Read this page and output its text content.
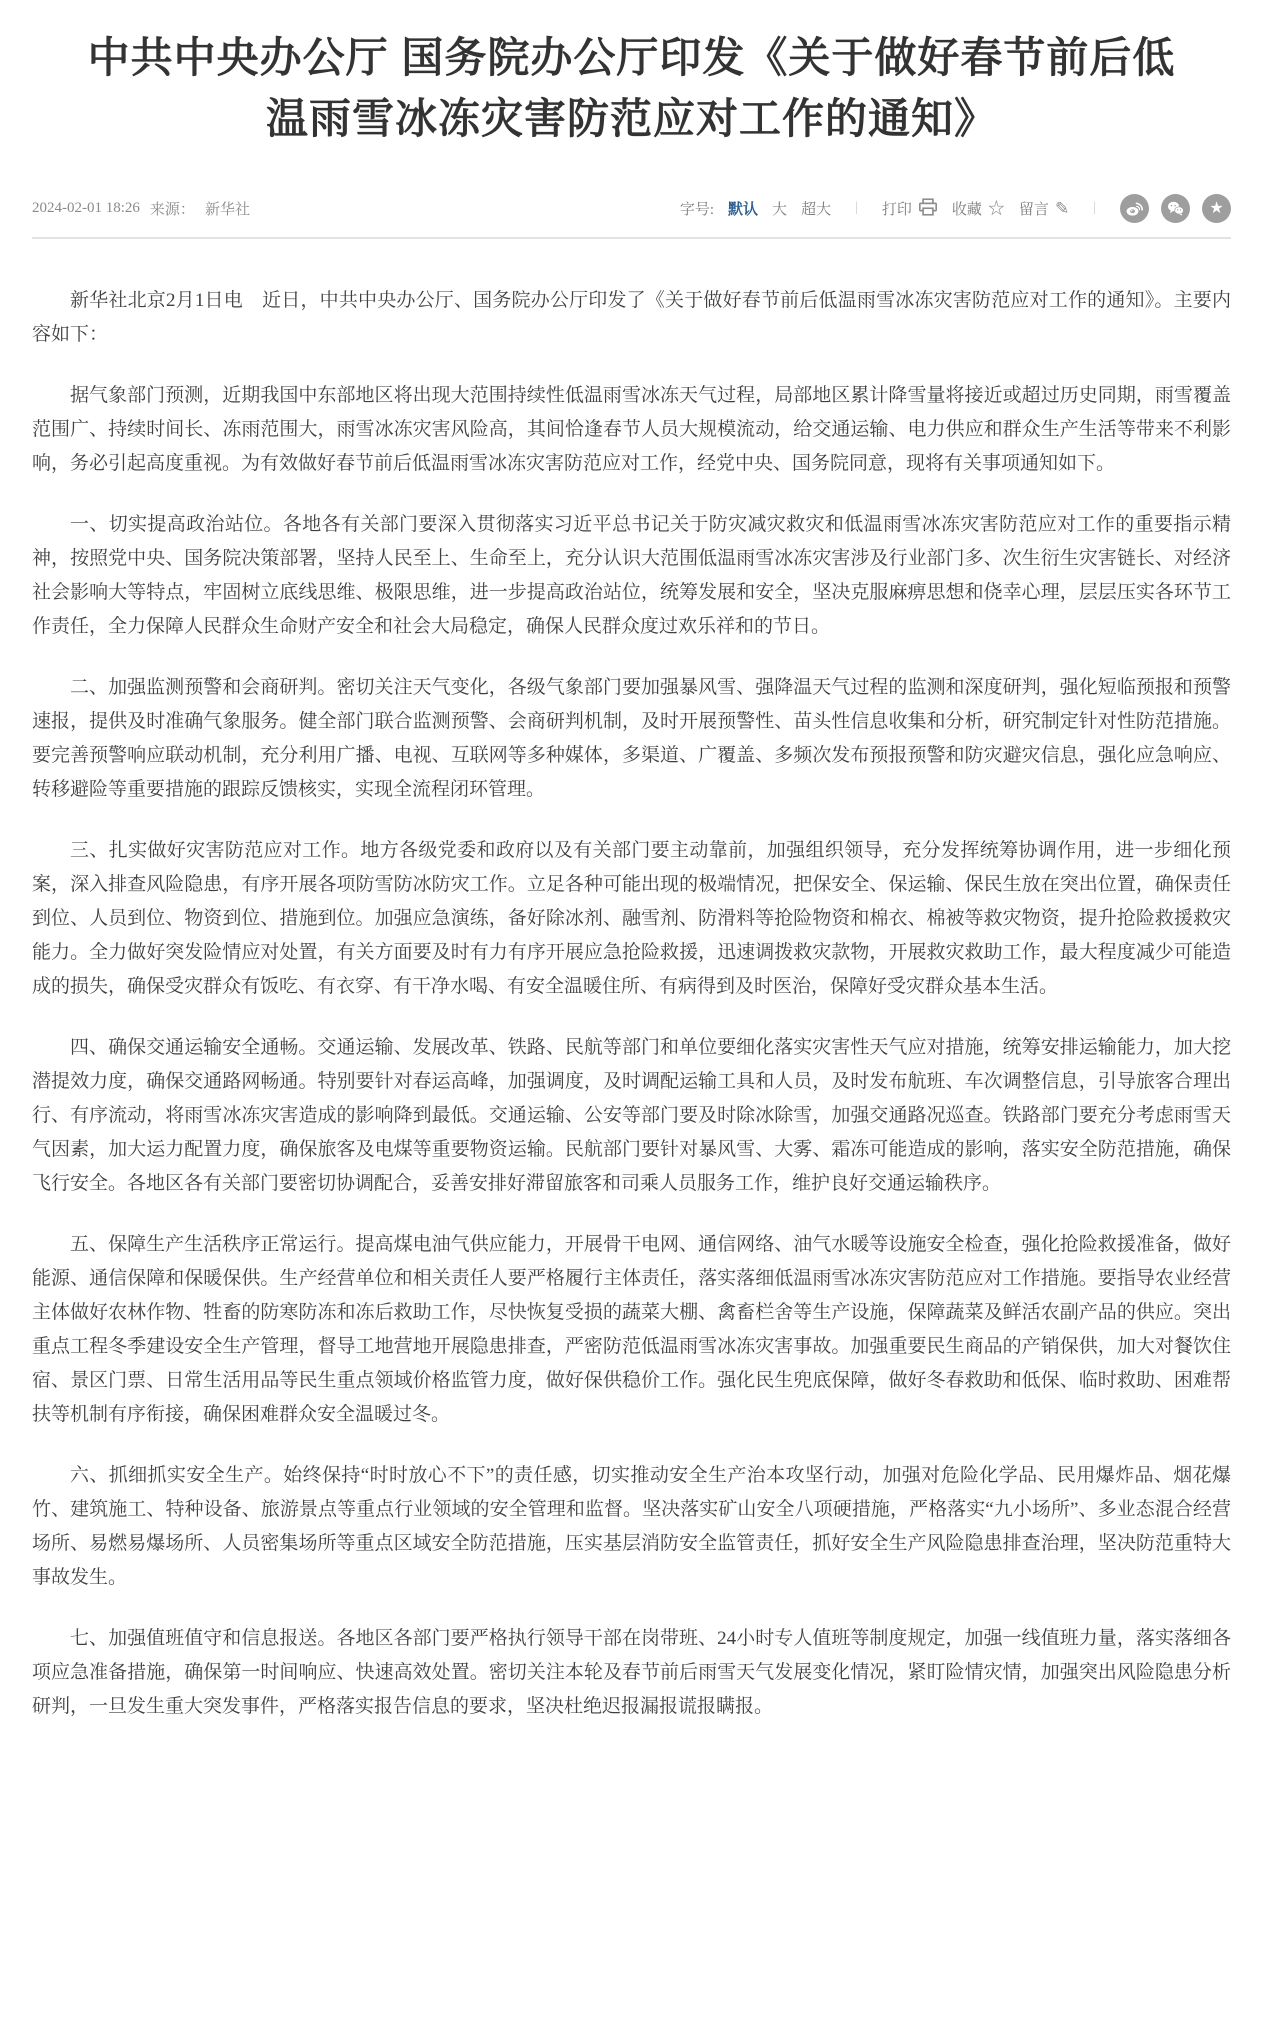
中共中央办公厅 国务院办公厅印发《关于做好春节前后低温雨雪冰冻灾害防范应对工作的通知》
2024-02-01 18:26 来源： 新华社	字号: 默认 大 超大	|	打印	收藏 ☆ 留言 ✎	|	★

新华社北京2月1日电　近日，中共中央办公厅、国务院办公厅印发了《关于做好春节前后低温雨雪冰冻灾害防范应对工作的通知》。主要内容如下：

据气象部门预测，近期我国中东部地区将出现大范围持续性低温雨雪冰冻天气过程，局部地区累计降雪量将接近或超过历史同期，雨雪覆盖范围广、持续时间长、冻雨范围大，雨雪冰冻灾害风险高，其间恰逢春节人员大规模流动，给交通运输、电力供应和群众生产生活等带来不利影响，务必引起高度重视。为有效做好春节前后低温雨雪冰冻灾害防范应对工作，经党中央、国务院同意，现将有关事项通知如下。

一、切实提高政治站位。各地各有关部门要深入贯彻落实习近平总书记关于防灾减灾救灾和低温雨雪冰冻灾害防范应对工作的重要指示精神，按照党中央、国务院决策部署，坚持人民至上、生命至上，充分认识大范围低温雨雪冰冻灾害涉及行业部门多、次生衍生灾害链长、对经济社会影响大等特点，牢固树立底线思维、极限思维，进一步提高政治站位，统筹发展和安全，坚决克服麻痹思想和侥幸心理，层层压实各环节工作责任，全力保障人民群众生命财产安全和社会大局稳定，确保人民群众度过欢乐祥和的节日。

二、加强监测预警和会商研判。密切关注天气变化，各级气象部门要加强暴风雪、强降温天气过程的监测和深度研判，强化短临预报和预警速报，提供及时准确气象服务。健全部门联合监测预警、会商研判机制，及时开展预警性、苗头性信息收集和分析，研究制定针对性防范措施。要完善预警响应联动机制，充分利用广播、电视、互联网等多种媒体，多渠道、广覆盖、多频次发布预报预警和防灾避灾信息，强化应急响应、转移避险等重要措施的跟踪反馈核实，实现全流程闭环管理。

三、扎实做好灾害防范应对工作。地方各级党委和政府以及有关部门要主动靠前，加强组织领导，充分发挥统筹协调作用，进一步细化预案，深入排查风险隐患，有序开展各项防雪防冰防灾工作。立足各种可能出现的极端情况，把保安全、保运输、保民生放在突出位置，确保责任到位、人员到位、物资到位、措施到位。加强应急演练，备好除冰剂、融雪剂、防滑料等抢险物资和棉衣、棉被等救灾物资，提升抢险救援救灾能力。全力做好突发险情应对处置，有关方面要及时有力有序开展应急抢险救援，迅速调拨救灾款物，开展救灾救助工作，最大程度减少可能造成的损失，确保受灾群众有饭吃、有衣穿、有干净水喝、有安全温暖住所、有病得到及时医治，保障好受灾群众基本生活。

四、确保交通运输安全通畅。交通运输、发展改革、铁路、民航等部门和单位要细化落实灾害性天气应对措施，统筹安排运输能力，加大挖潜提效力度，确保交通路网畅通。特别要针对春运高峰，加强调度，及时调配运输工具和人员，及时发布航班、车次调整信息，引导旅客合理出行、有序流动，将雨雪冰冻灾害造成的影响降到最低。交通运输、公安等部门要及时除冰除雪，加强交通路况巡查。铁路部门要充分考虑雨雪天气因素，加大运力配置力度，确保旅客及电煤等重要物资运输。民航部门要针对暴风雪、大雾、霜冻可能造成的影响，落实安全防范措施，确保飞行安全。各地区各有关部门要密切协调配合，妥善安排好滞留旅客和司乘人员服务工作，维护良好交通运输秩序。

五、保障生产生活秩序正常运行。提高煤电油气供应能力，开展骨干电网、通信网络、油气水暖等设施安全检查，强化抢险救援准备，做好能源、通信保障和保暖保供。生产经营单位和相关责任人要严格履行主体责任，落实落细低温雨雪冰冻灾害防范应对工作措施。要指导农业经营主体做好农林作物、牲畜的防寒防冻和冻后救助工作，尽快恢复受损的蔬菜大棚、禽畜栏舍等生产设施，保障蔬菜及鲜活农副产品的供应。突出重点工程冬季建设安全生产管理，督导工地营地开展隐患排查，严密防范低温雨雪冰冻灾害事故。加强重要民生商品的产销保供，加大对餐饮住宿、景区门票、日常生活用品等民生重点领域价格监管力度，做好保供稳价工作。强化民生兜底保障，做好冬春救助和低保、临时救助、困难帮扶等机制有序衔接，确保困难群众安全温暖过冬。

六、抓细抓实安全生产。始终保持“时时放心不下”的责任感，切实推动安全生产治本攻坚行动，加强对危险化学品、民用爆炸品、烟花爆竹、建筑施工、特种设备、旅游景点等重点行业领域的安全管理和监督。坚决落实矿山安全八项硬措施，严格落实“九小场所”、多业态混合经营场所、易燃易爆场所、人员密集场所等重点区域安全防范措施，压实基层消防安全监管责任，抓好安全生产风险隐患排查治理，坚决防范重特大事故发生。

七、加强值班值守和信息报送。各地区各部门要严格执行领导干部在岗带班、24小时专人值班等制度规定，加强一线值班力量，落实落细各项应急准备措施，确保第一时间响应、快速高效处置。密切关注本轮及春节前后雨雪天气发展变化情况，紧盯险情灾情，加强突出风险隐患分析研判，一旦发生重大突发事件，严格落实报告信息的要求，坚决杜绝迟报漏报谎报瞒报。
